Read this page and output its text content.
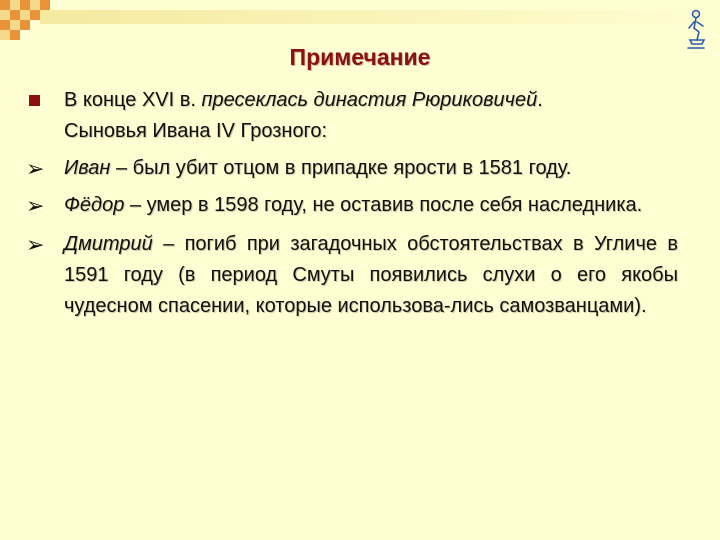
· · ·
Примечание
В конце XVI в. пресеклась династия Рюриковичей.
Сыновья Ивана IV Грозного:
➢ Иван – был убит отцом в припадке ярости в 1581 году.
➢ Фёдор – умер в 1598 году, не оставив после себя наследника.
➢ Дмитрий – погиб при загадочных обстоятельствах в Угличе в 1591 году (в период Смуты появились слухи о его якобы чудесном спасении, которые использова-лись самозванцами).
